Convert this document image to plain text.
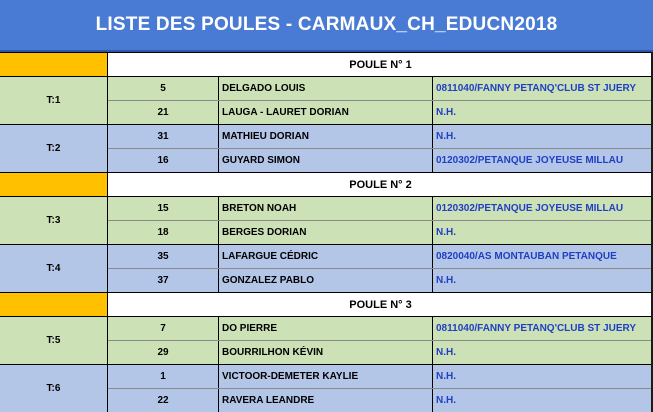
LISTE DES POULES - CARMAUX_CH_EDUCN2018
POULE N° 1
T:1
5	DELGADO LOUIS	0811040/FANNY PETANQ'CLUB ST JUERY
21	LAUGA - LAURET DORIAN	N.H.
T:2
31	MATHIEU DORIAN	N.H.
16	GUYARD SIMON	0120302/PETANQUE JOYEUSE MILLAU
POULE N° 2
T:3
15	BRETON NOAH	0120302/PETANQUE JOYEUSE MILLAU
18	BERGES DORIAN	N.H.
T:4
35	LAFARGUE CÉDRIC	0820040/AS MONTAUBAN PETANQUE
37	GONZALEZ PABLO	N.H.
POULE N° 3
T:5
7	DO PIERRE	0811040/FANNY PETANQ'CLUB ST JUERY
29	BOURRILHON KÉVIN	N.H.
T:6
1	VICTOOR-DEMETER KAYLIE	N.H.
22	RAVERA LEANDRE	N.H.
